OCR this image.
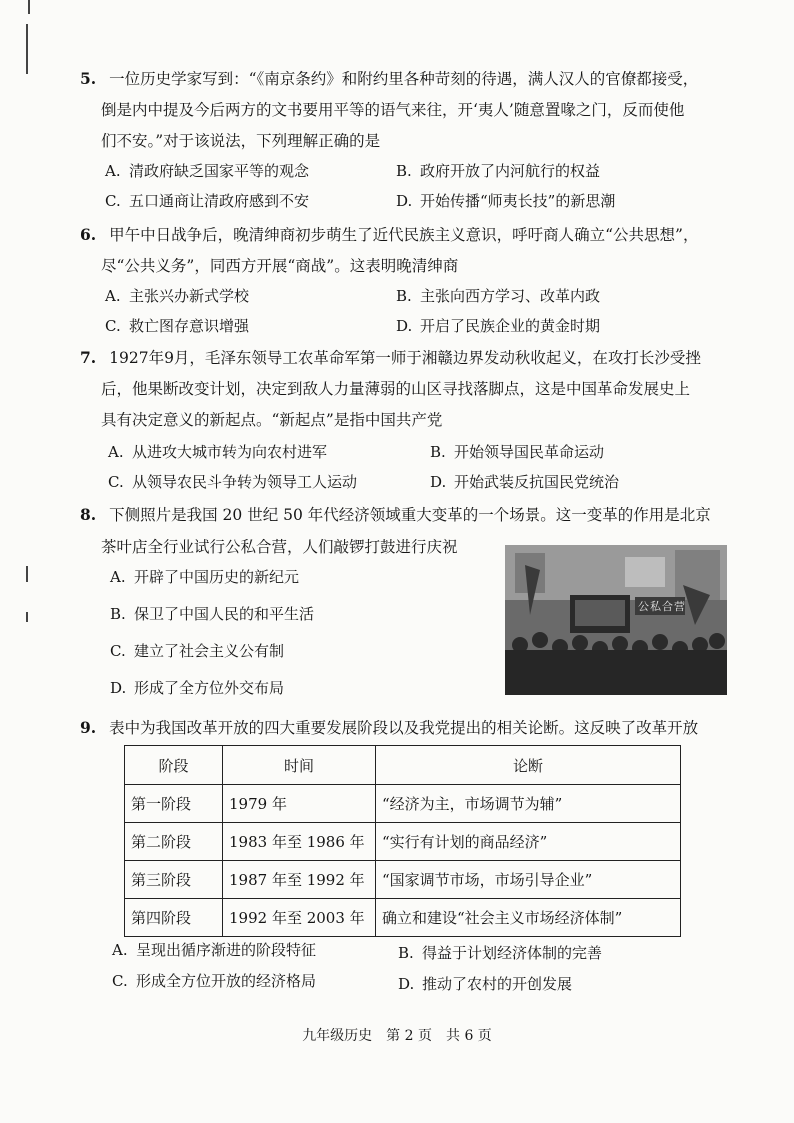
5. 一位历史学家写到：“《南京条约》和附约里各种苛刻的待遇，满人汉人的官僚都接受，
倒是内中提及今后两方的文书要用平等的语气来往，开‘夷人’随意置喙之门，反而使他
们不安。”对于该说法，下列理解正确的是
A. 清政府缺乏国家平等的观念	B. 政府开放了内河航行的权益
C. 五口通商让清政府感到不安	D. 开始传播“师夷长技”的新思潮
6. 甲午中日战争后，晚清绅商初步萌生了近代民族主义意识，呼吁商人确立“公共思想”，
尽“公共义务”，同西方开展“商战”。这表明晚清绅商
A. 主张兴办新式学校	B. 主张向西方学习、改革内政
C. 救亡图存意识增强	D. 开启了民族企业的黄金时期
7. 1927年9月，毛泽东领导工农革命军第一师于湘赣边界发动秋收起义，在攻打长沙受挫
后，他果断改变计划，决定到敌人力量薄弱的山区寻找落脚点，这是中国革命发展史上
具有决定意义的新起点。“新起点”是指中国共产党
A. 从进攻大城市转为向农村进军	B. 开始领导国民革命运动
C. 从领导农民斗争转为领导工人运动	D. 开始武装反抗国民党统治
8. 下侧照片是我国 20 世纪 50 年代经济领域重大变革的一个场景。这一变革的作用是北京
茶叶店全行业试行公私合营，人们敲锣打鼓进行庆祝
A. 开辟了中国历史的新纪元
B. 保卫了中国人民的和平生活
C. 建立了社会主义公有制
D. 形成了全方位外交布局
公私合营
9. 表中为我国改革开放的四大重要发展阶段以及我党提出的相关论断。这反映了改革开放
阶段	时间	论断
第一阶段	1979 年	“经济为主，市场调节为辅”
第二阶段	1983 年至 1986 年	“实行有计划的商品经济”
第三阶段	1987 年至 1992 年	“国家调节市场，市场引导企业”
第四阶段	1992 年至 2003 年	确立和建设“社会主义市场经济体制”
A. 呈现出循序渐进的阶段特征	B. 得益于计划经济体制的完善
C. 形成全方位开放的经济格局	D. 推动了农村的开创发展
九年级历史　第 2 页　共 6 页
